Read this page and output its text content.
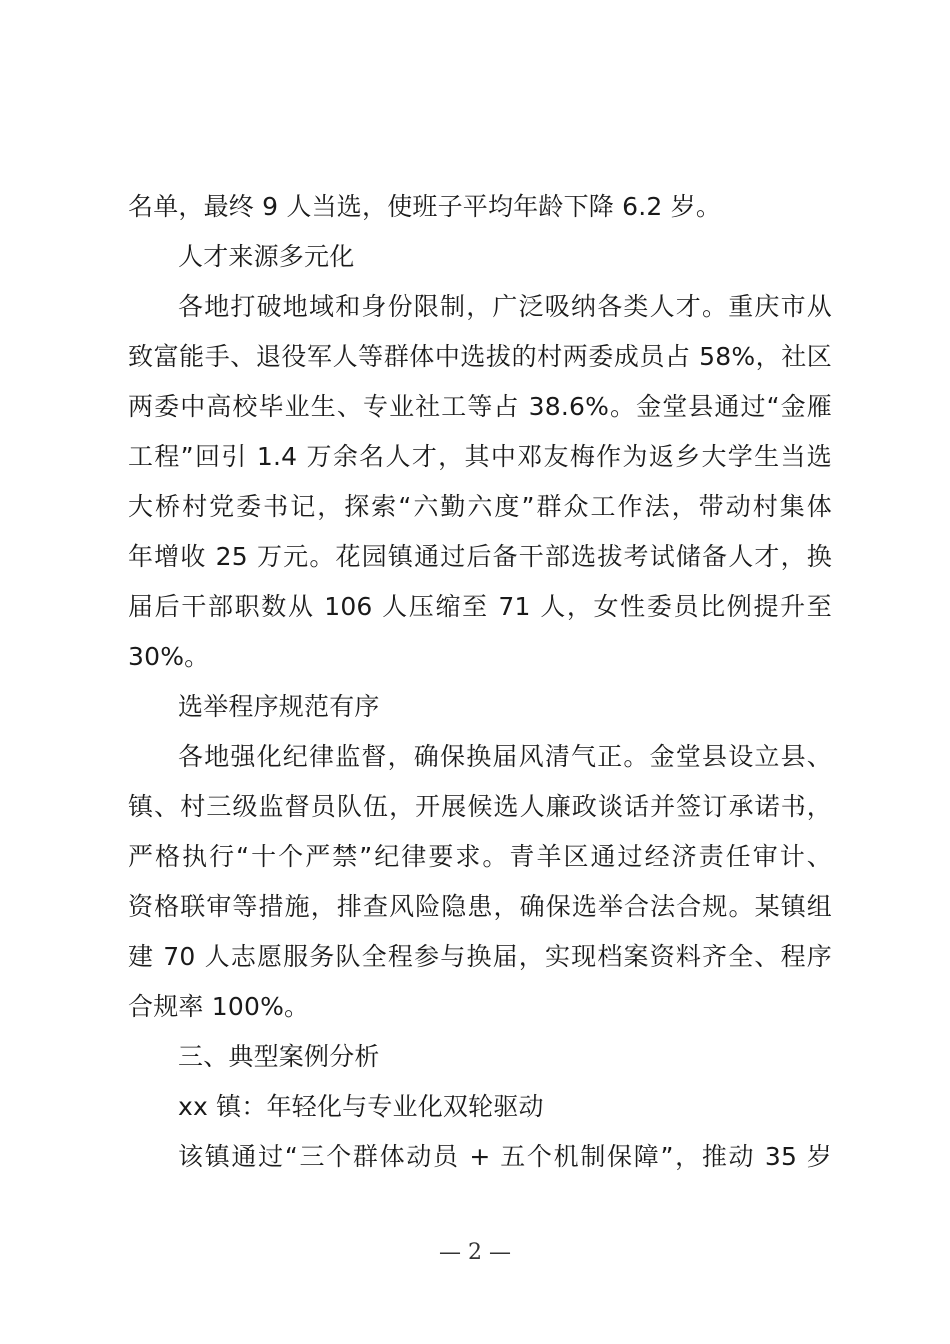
名单，最终 9 人当选，使班子平均年龄下降 6.2 岁。
人才来源多元化
各地打破地域和身份限制，广泛吸纳各类人才。重庆市从
致富能手、退役军人等群体中选拔的村两委成员占 58%，社区
两委中高校毕业生、专业社工等占 38.6%。金堂县通过“金雁
工程”回引 1.4 万余名人才，其中邓友梅作为返乡大学生当选
大桥村党委书记，探索“六勤六度”群众工作法，带动村集体
年增收 25 万元。花园镇通过后备干部选拔考试储备人才，换
届后干部职数从 106 人压缩至 71 人，女性委员比例提升至
30%。
选举程序规范有序
各地强化纪律监督，确保换届风清气正。金堂县设立县、
镇、村三级监督员队伍，开展候选人廉政谈话并签订承诺书，
严格执行“十个严禁”纪律要求。青羊区通过经济责任审计、
资格联审等措施，排查风险隐患，确保选举合法合规。某镇组
建 70 人志愿服务队全程参与换届，实现档案资料齐全、程序
合规率 100%。
三、典型案例分析
xx 镇：年轻化与专业化双轮驱动
该镇通过“三个群体动员 + 五个机制保障”，推动 35 岁
— 2 —
